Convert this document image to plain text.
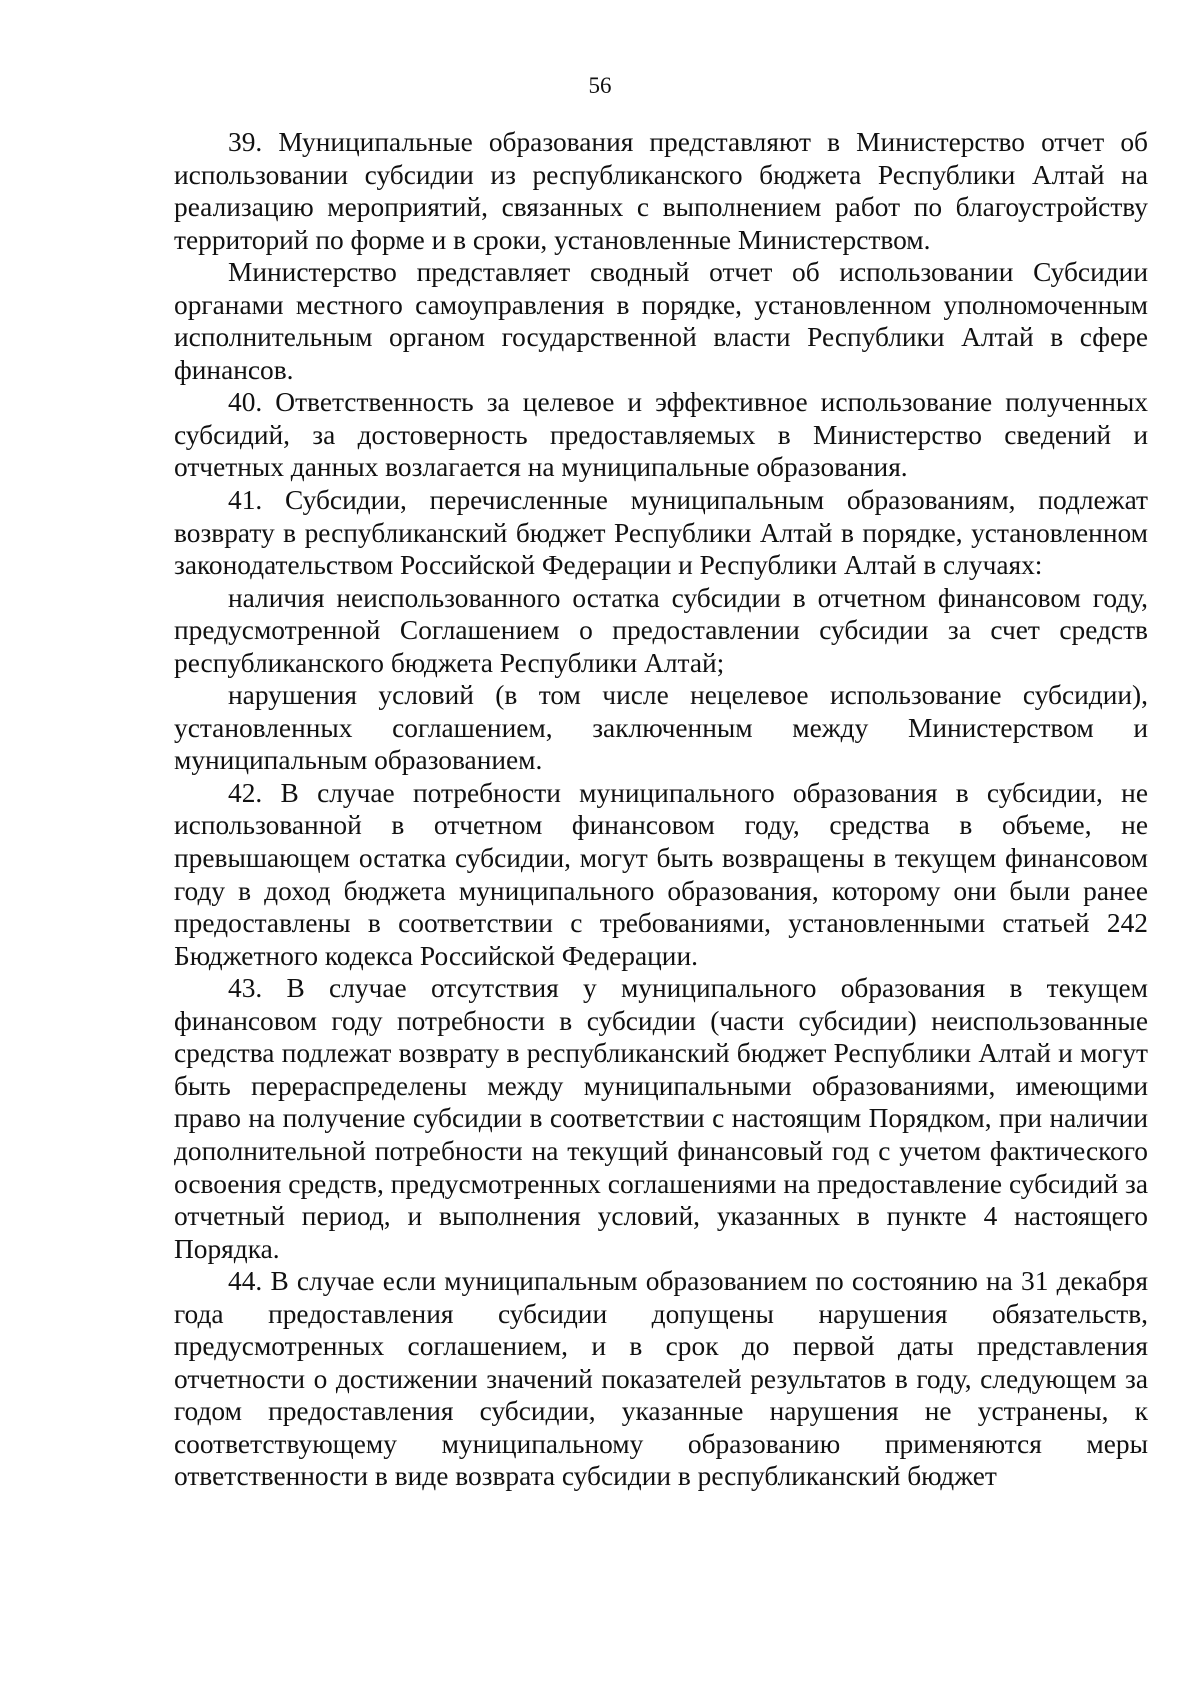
56

39. Муниципальные образования представляют в Министерство отчет об использовании субсидии из республиканского бюджета Республики Алтай на реализацию мероприятий, связанных с выполнением работ по благоустройству территорий по форме и в сроки, установленные Министерством.

Министерство представляет сводный отчет об использовании Субсидии органами местного самоуправления в порядке, установленном уполномоченным исполнительным органом государственной власти Республики Алтай в сфере финансов.

40. Ответственность за целевое и эффективное использование полученных субсидий, за достоверность предоставляемых в Министерство сведений и отчетных данных возлагается на муниципальные образования.

41. Субсидии, перечисленные муниципальным образованиям, подлежат возврату в республиканский бюджет Республики Алтай в порядке, установленном законодательством Российской Федерации и Республики Алтай в случаях:

наличия неиспользованного остатка субсидии в отчетном финансовом году, предусмотренной Соглашением о предоставлении субсидии за счет средств республиканского бюджета Республики Алтай;

нарушения условий (в том числе нецелевое использование субсидии), установленных соглашением, заключенным между Министерством и муниципальным образованием.

42. В случае потребности муниципального образования в субсидии, не использованной в отчетном финансовом году, средства в объеме, не превышающем остатка субсидии, могут быть возвращены в текущем финансовом году в доход бюджета муниципального образования, которому они были ранее предоставлены в соответствии с требованиями, установленными статьей 242 Бюджетного кодекса Российской Федерации.

43. В случае отсутствия у муниципального образования в текущем финансовом году потребности в субсидии (части субсидии) неиспользованные средства подлежат возврату в республиканский бюджет Республики Алтай и могут быть перераспределены между муниципальными образованиями, имеющими право на получение субсидии в соответствии с настоящим Порядком, при наличии дополнительной потребности на текущий финансовый год с учетом фактического освоения средств, предусмотренных соглашениями на предоставление субсидий за отчетный период, и выполнения условий, указанных в пункте 4 настоящего Порядка.

44. В случае если муниципальным образованием по состоянию на 31 декабря года предоставления субсидии допущены нарушения обязательств, предусмотренных соглашением, и в срок до первой даты представления отчетности о достижении значений показателей результатов в году, следующем за годом предоставления субсидии, указанные нарушения не устранены, к соответствующему муниципальному образованию применяются меры ответственности в виде возврата субсидии в республиканский бюджет
